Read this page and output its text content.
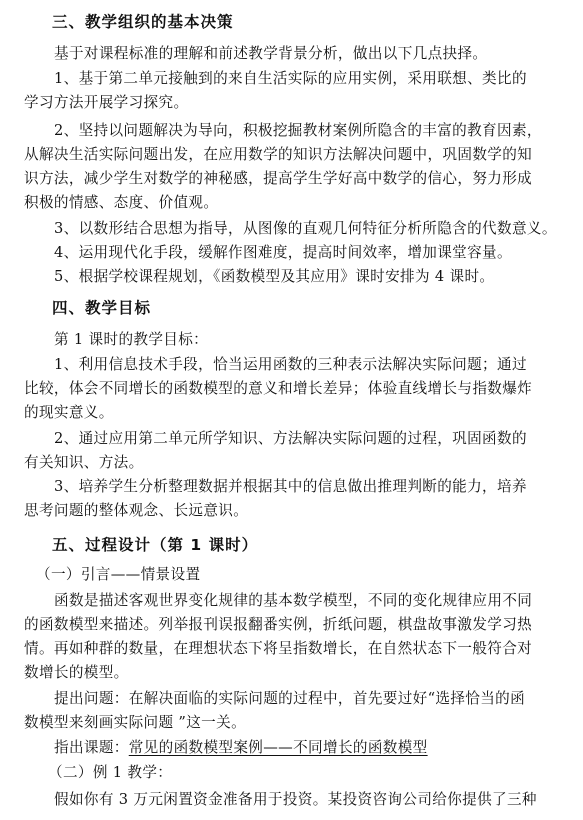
三、教学组织的基本决策
基于对课程标准的理解和前述教学背景分析，做出以下几点抉择。
1、基于第二单元接触到的来自生活实际的应用实例，采用联想、类比的
学习方法开展学习探究。
2、坚持以问题解决为导向，积极挖掘教材案例所隐含的丰富的教育因素，
从解决生活实际问题出发，在应用数学的知识方法解决问题中，巩固数学的知
识方法，减少学生对数学的神秘感，提高学生学好高中数学的信心，努力形成
积极的情感、态度、价值观。
3、以数形结合思想为指导，从图像的直观几何特征分析所隐含的代数意义。
4、运用现代化手段，缓解作图难度，提高时间效率，增加课堂容量。
5、根据学校课程规划，《函数模型及其应用》课时安排为 4 课时。
四、教学目标
第 1 课时的教学目标：
1、利用信息技术手段，恰当运用函数的三种表示法解决实际问题；通过
比较，体会不同增长的函数模型的意义和增长差异；体验直线增长与指数爆炸
的现实意义。
2、通过应用第二单元所学知识、方法解决实际问题的过程，巩固函数的
有关知识、方法。
3、培养学生分析整理数据并根据其中的信息做出推理判断的能力，培养
思考问题的整体观念、长远意识。
五、过程设计（第 1 课时）
（一）引言——情景设置
函数是描述客观世界变化规律的基本数学模型，不同的变化规律应用不同
的函数模型来描述。列举报刊误报翻番实例，折纸问题，棋盘故事激发学习热
情。再如种群的数量，在理想状态下将呈指数增长，在自然状态下一般符合对
数增长的模型。
提出问题：在解决面临的实际问题的过程中，首先要过好“选择恰当的函
数模型来刻画实际问题 ”这一关。
指出课题：常见的函数模型案例——不同增长的函数模型
（二）例 1 教学：
假如你有 3 万元闲置资金准备用于投资。某投资咨询公司给你提供了三种
